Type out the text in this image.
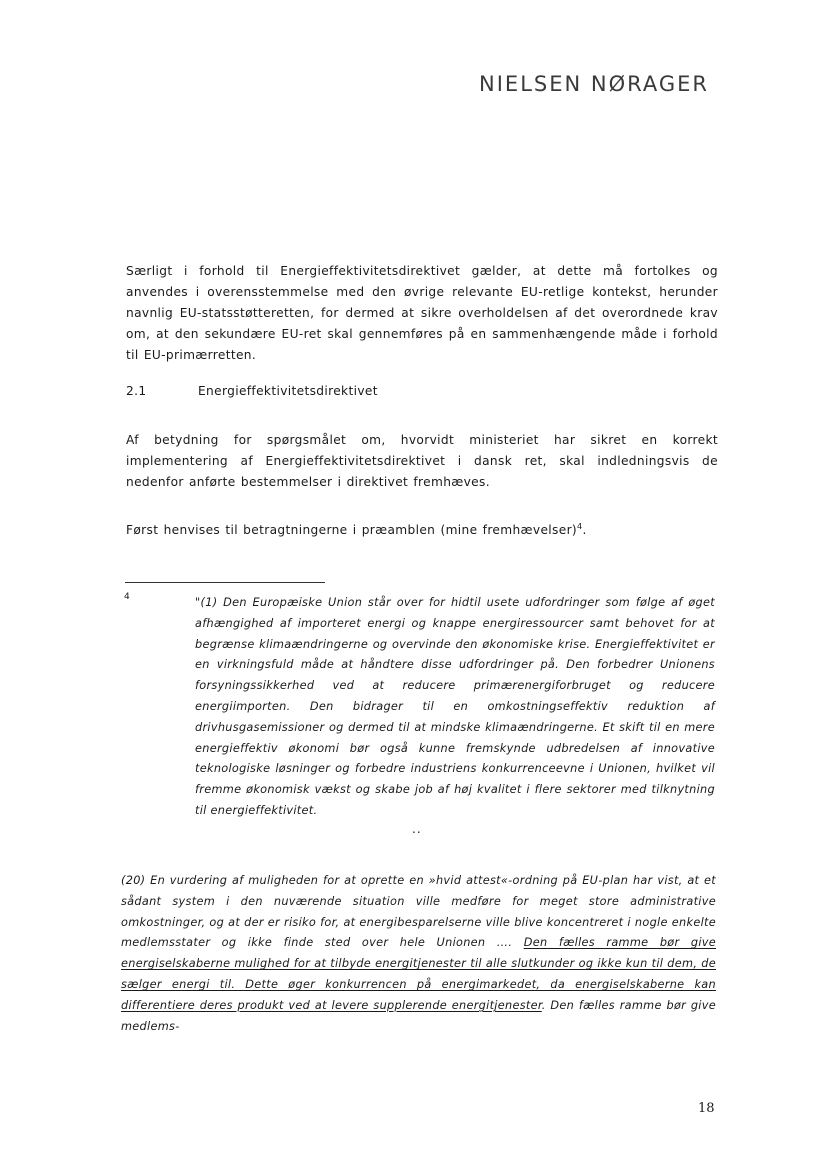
NIELSEN NØRAGER

Særligt i forhold til Energieffektivitetsdirektivet gælder, at dette må fortolkes og anvendes i overensstemmelse med den øvrige relevante EU-retlige kontekst, herunder navnlig EU-statsstøtteretten, for dermed at sikre overholdelsen af det overordnede krav om, at den sekundære EU-ret skal gennemføres på en sammenhængende måde i forhold til EU-primærretten.

2.1	Energieffektivitetsdirektivet

Af betydning for spørgsmålet om, hvorvidt ministeriet har sikret en korrekt implementering af Energieffektivitetsdirektivet i dansk ret, skal indledningsvis de nedenfor anførte bestemmelser i direktivet fremhæves.

Først henvises til betragtningerne i præamblen (mine fremhævelser)$^4$.

4	"(1) Den Europæiske Union står over for hidtil usete udfordringer som følge af øget afhængighed af importeret energi og knappe energiressourcer samt behovet for at begrænse klimaændringerne og overvinde den økonomiske krise. Energieffektivitet er en virkningsfuld måde at håndtere disse udfordringer på. Den forbedrer Unionens forsyningssikkerhed ved at reducere primærenergiforbruget og reducere energiimporten. Den bidrager til en omkostningseffektiv reduktion af drivhusgasemissioner og dermed til at mindske klimaændringerne. Et skift til en mere energieffektiv økonomi bør også kunne fremskynde udbredelsen af innovative teknologiske løsninger og forbedre industriens konkurrenceevne i Unionen, hvilket vil fremme økonomisk vækst og skabe job af høj kvalitet i flere sektorer med tilknytning til energieffektivitet.

..

(20) En vurdering af muligheden for at oprette en »hvid attest«-ordning på EU-plan har vist, at et sådant system i den nuværende situation ville medføre for meget store administrative omkostninger, og at der er risiko for, at energibesparelserne ville blive koncentreret i nogle enkelte medlemsstater og ikke finde sted over hele Unionen …. Den fælles ramme bør give energiselskaberne mulighed for at tilbyde energitjenester til alle slutkunder og ikke kun til dem, de sælger energi til. Dette øger konkurrencen på energimarkedet, da energiselskaberne kan differentiere deres produkt ved at levere supplerende energitjenester. Den fælles ramme bør give medlems-

18
